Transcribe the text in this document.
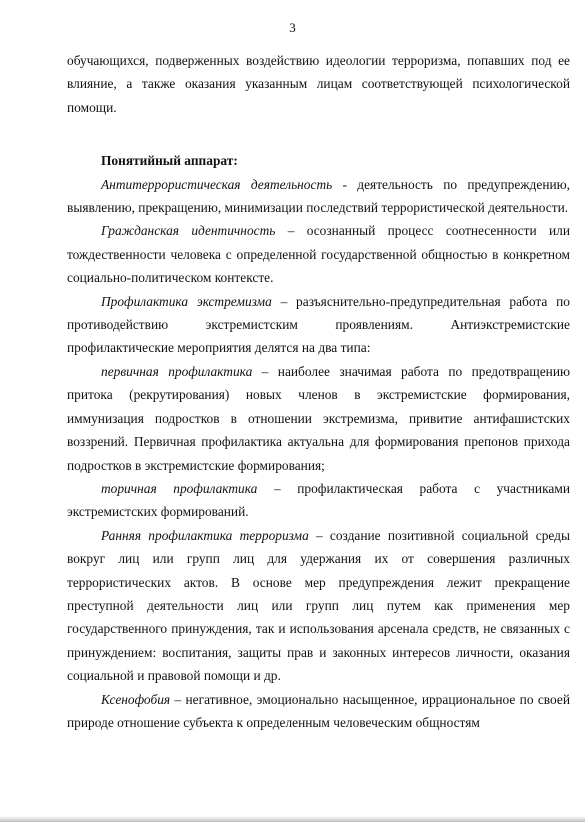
3

обучающихся, подверженных воздействию идеологии терроризма, попавших под ее влияние, а также оказания указанным лицам соответствующей психологической помощи.

Понятийный аппарат:

Антитеррористическая деятельность - деятельность по предупреждению, выявлению, прекращению, минимизации последствий террористической деятельности.

Гражданская идентичность – осознанный процесс соотнесенности или тождественности человека с определенной государственной общностью в конкретном социально-политическом контексте.

Профилактика экстремизма – разъяснительно-предупредительная работа по противодействию экстремистским проявлениям. Антиэкстремистские профилактические мероприятия делятся на два типа:

первичная профилактика – наиболее значимая работа по предотвращению притока (рекрутирования) новых членов в экстремистские формирования, иммунизация подростков в отношении экстремизма, привитие антифашистских воззрений. Первичная профилактика актуальна для формирования препонов прихода подростков в экстремистские формирования;

торичная профилактика – профилактическая работа с участниками экстремистских формирований.

Ранняя профилактика терроризма – создание позитивной социальной среды вокруг лиц или групп лиц для удержания их от совершения различных террористических актов. В основе мер предупреждения лежит прекращение преступной деятельности лиц или групп лиц путем как применения мер государственного принуждения, так и использования арсенала средств, не связанных с принуждением: воспитания, защиты прав и законных интересов личности, оказания социальной и правовой помощи и др.

Ксенофобия – негативное, эмоционально насыщенное, иррациональное по своей природе отношение субъекта к определенным человеческим общностям
